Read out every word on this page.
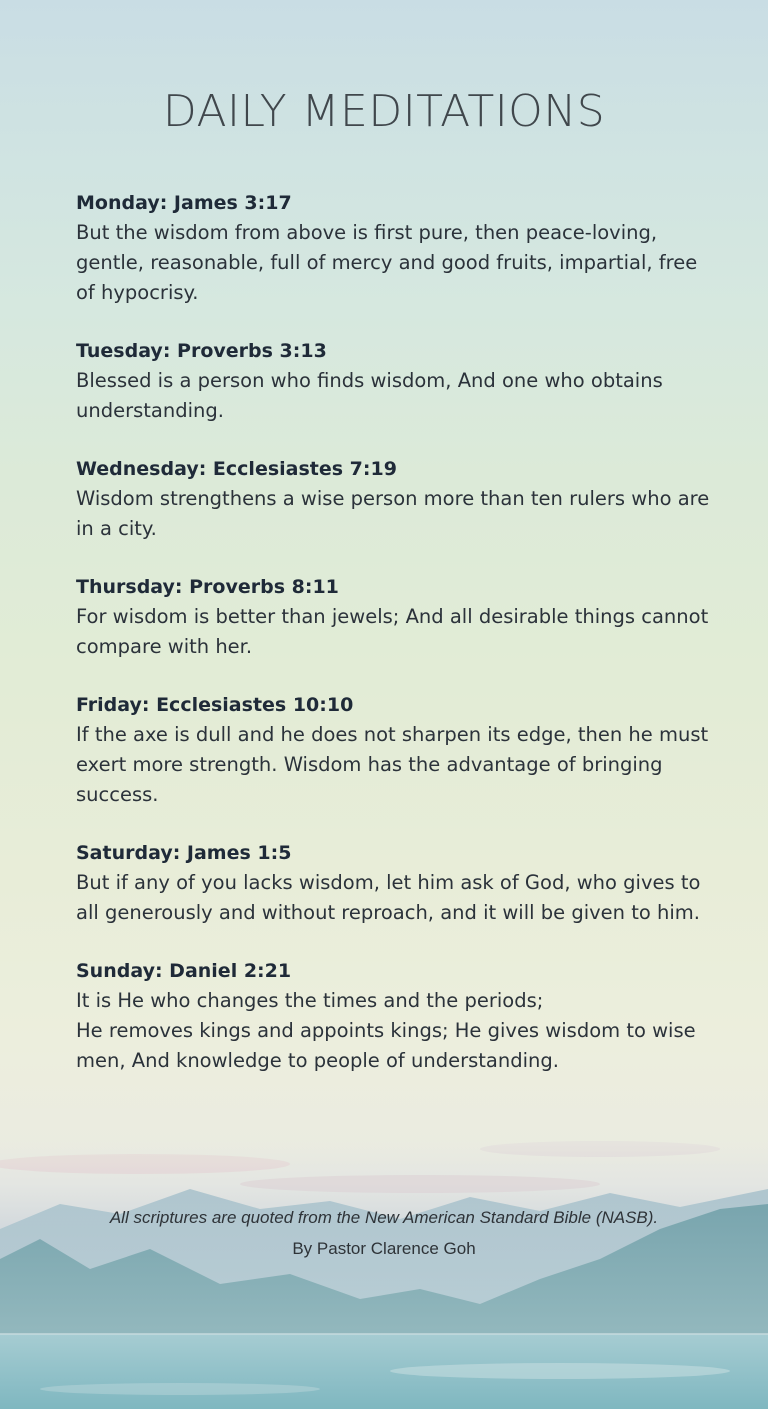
DAILY MEDITATIONS

Monday: James 3:17

But the wisdom from above is first pure, then peace-loving, gentle, reasonable, full of mercy and good fruits, impartial, free of hypocrisy.

Tuesday: Proverbs 3:13

Blessed is a person who finds wisdom, And one who obtains understanding.

Wednesday: Ecclesiastes 7:19

Wisdom strengthens a wise person more than ten rulers who are in a city.

Thursday: Proverbs 8:11

For wisdom is better than jewels; And all desirable things cannot compare with her.

Friday: Ecclesiastes 10:10

If the axe is dull and he does not sharpen its edge, then he must exert more strength. Wisdom has the advantage of bringing success.

Saturday: James 1:5

But if any of you lacks wisdom, let him ask of God, who gives to all generously and without reproach, and it will be given to him.

Sunday: Daniel 2:21

It is He who changes the times and the periods;
He removes kings and appoints kings; He gives wisdom to wise men, And knowledge to people of understanding.

All scriptures are quoted from the New American Standard Bible (NASB).

By Pastor Clarence Goh
